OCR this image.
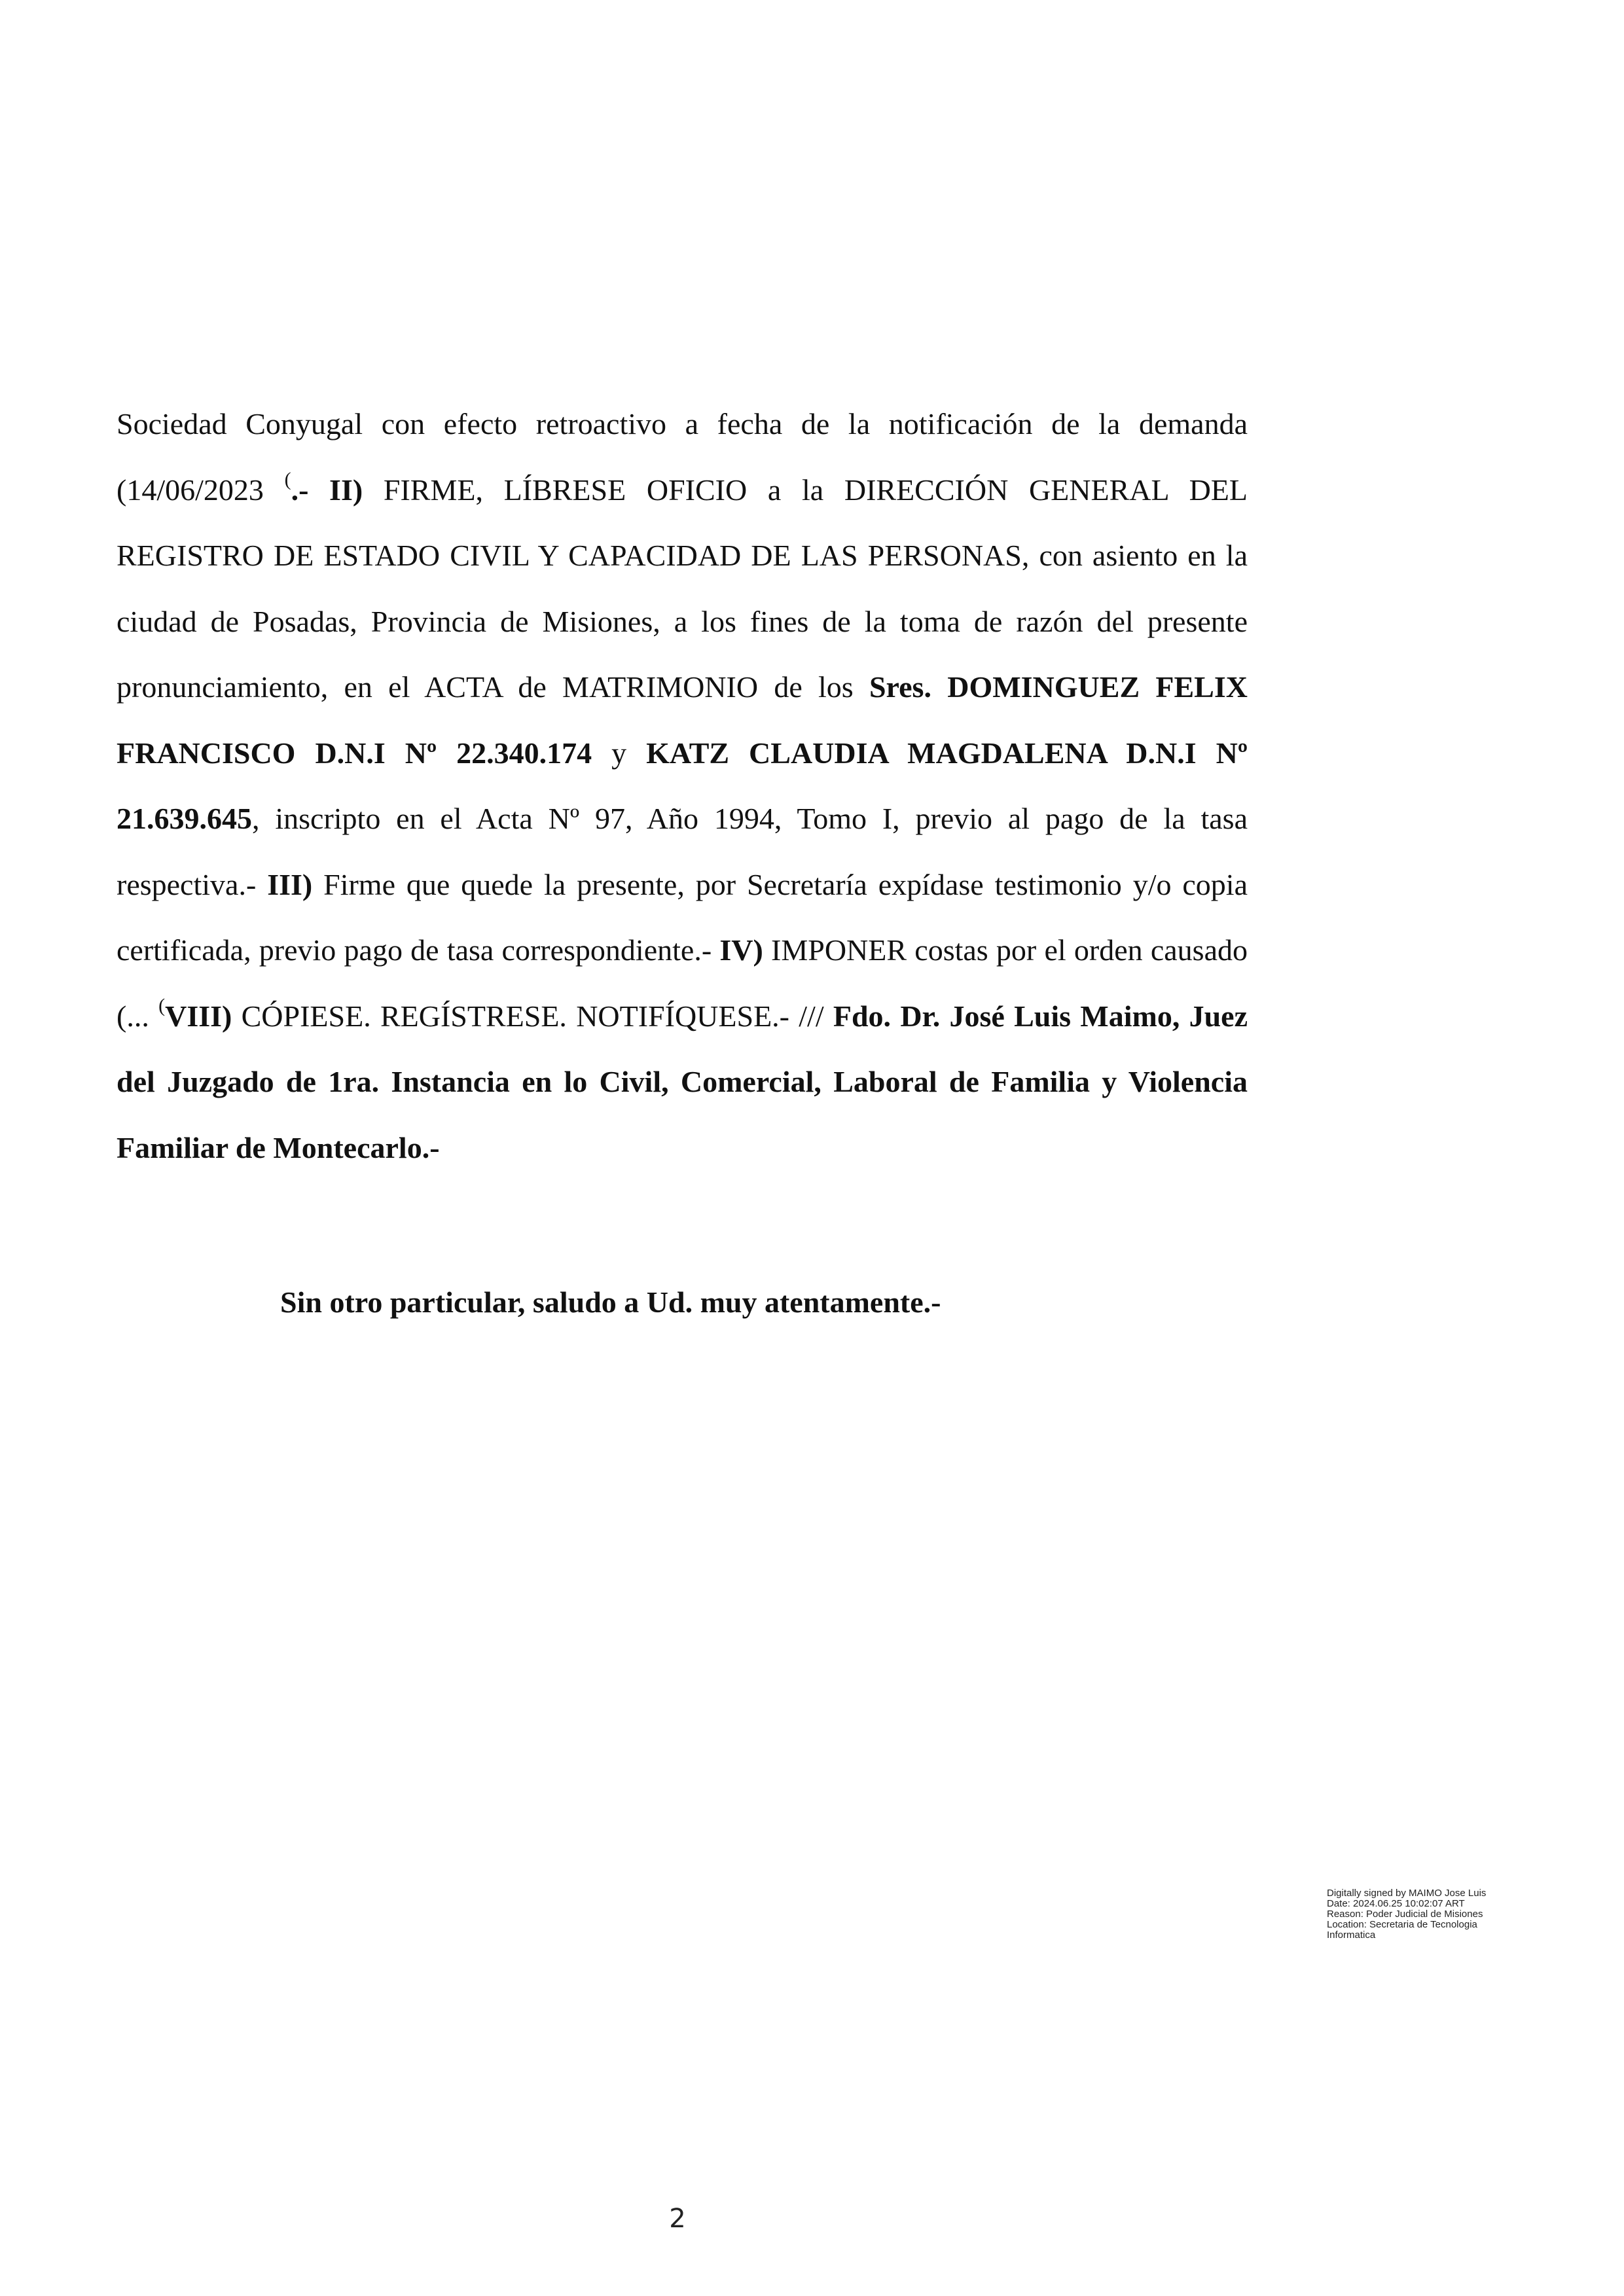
Sociedad Conyugal con efecto retroactivo a fecha de la notificación de la demanda (14/06/2023 (.- II) FIRME, LÍBRESE OFICIO a la DIRECCIÓN GENERAL DEL REGISTRO DE ESTADO CIVIL Y CAPACIDAD DE LAS PERSONAS, con asiento en la ciudad de Posadas, Provincia de Misiones, a los fines de la toma de razón del presente pronunciamiento, en el ACTA de MATRIMONIO de los Sres. DOMINGUEZ FELIX FRANCISCO D.N.I Nº 22.340.174 y KATZ CLAUDIA MAGDALENA D.N.I Nº 21.639.645, inscripto en el Acta Nº 97, Año 1994, Tomo I, previo al pago de la tasa respectiva.- III) Firme que quede la presente, por Secretaría expídase testimonio y/o copia certificada, previo pago de tasa correspondiente.- IV) IMPONER costas por el orden causado (... (VIII) CÓPIESE. REGÍSTRESE. NOTIFÍQUESE.- /// Fdo. Dr. José Luis Maimo, Juez del Juzgado de 1ra. Instancia en lo Civil, Comercial, Laboral de Familia y Violencia Familiar de Montecarlo.-
Sin otro particular, saludo a Ud. muy atentamente.-
Digitally signed by MAIMO Jose Luis
Date: 2024.06.25 10:02:07 ART
Reason: Poder Judicial de Misiones
Location: Secretaria de Tecnologia
Informatica
2
